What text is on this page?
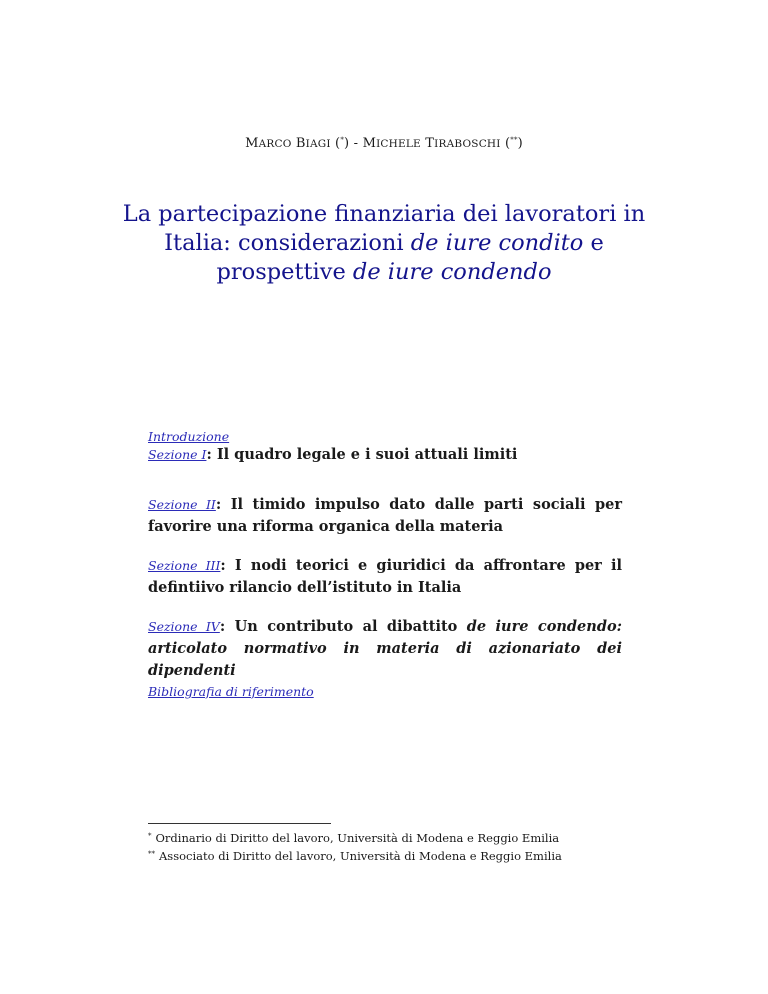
MARCO BIAGI (*) - MICHELE TIRABOSCHI (**)
La partecipazione finanziaria dei lavoratori in Italia: considerazioni de iure condito e prospettive de iure condendo
Introduzione
Sezione I: Il quadro legale e i suoi attuali limiti
Sezione II: Il timido impulso dato dalle parti sociali per favorire una riforma organica della materia
Sezione III: I nodi teorici e giuridici da affrontare per il defintiivo rilancio dell’istituto in Italia
Sezione IV: Un contributo al dibattito de iure condendo: articolato normativo in materia di azionariato dei dipendenti
Bibliografia di riferimento
* Ordinario di Diritto del lavoro, Università di Modena e Reggio Emilia
** Associato di Diritto del lavoro, Università di Modena e Reggio Emilia
